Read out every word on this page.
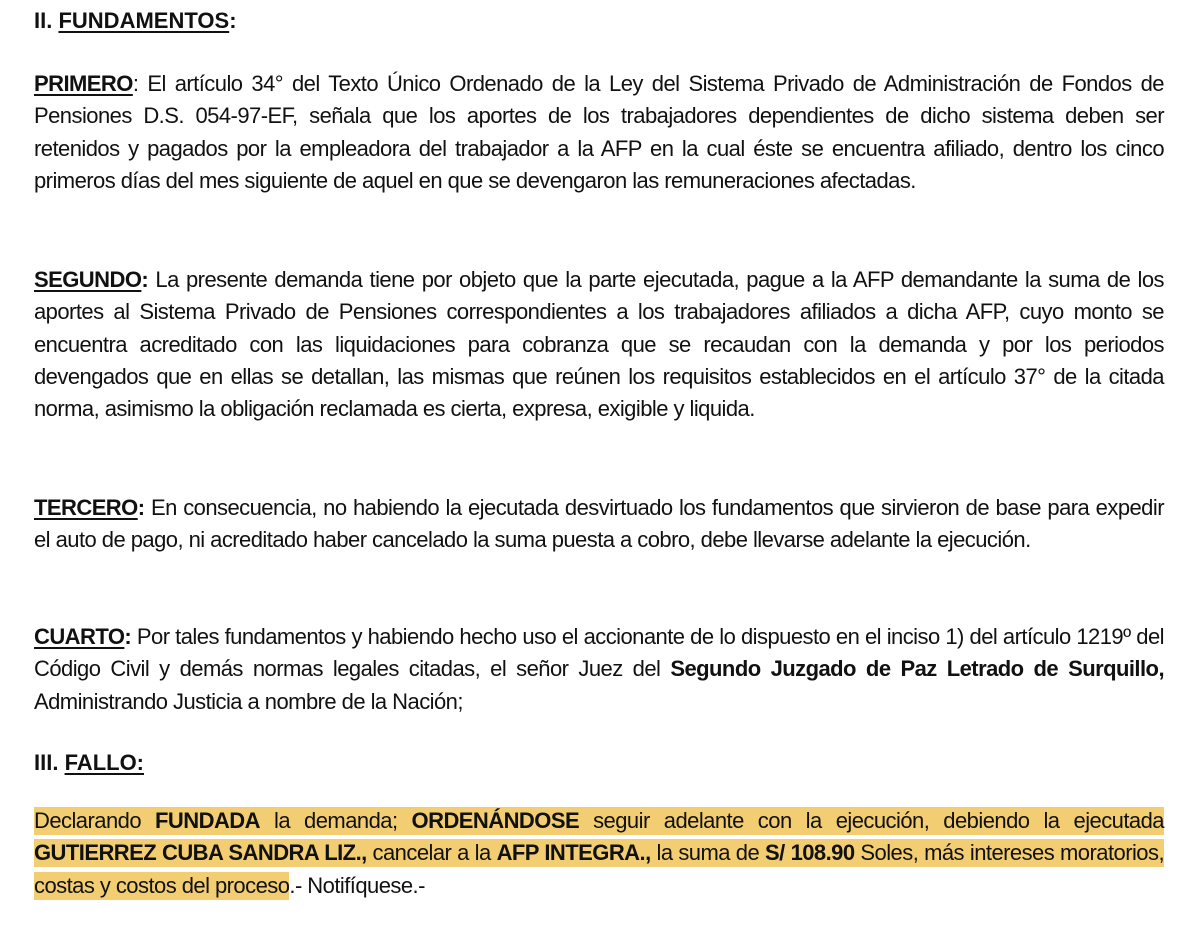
II. FUNDAMENTOS:

PRIMERO: El artículo 34° del Texto Único Ordenado de la Ley del Sistema Privado de Administración de Fondos de Pensiones D.S. 054-97-EF, señala que los aportes de los trabajadores dependientes de dicho sistema deben ser retenidos y pagados por la empleadora del trabajador a la AFP en la cual éste se encuentra afiliado, dentro los cinco primeros días del mes siguiente de aquel en que se devengaron las remuneraciones afectadas.

SEGUNDO: La presente demanda tiene por objeto que la parte ejecutada, pague a la AFP demandante la suma de los aportes al Sistema Privado de Pensiones correspondientes a los trabajadores afiliados a dicha AFP, cuyo monto se encuentra acreditado con las liquidaciones para cobranza que se recaudan con la demanda y por los periodos devengados que en ellas se detallan, las mismas que reúnen los requisitos establecidos en el artículo 37° de la citada norma, asimismo la obligación reclamada es cierta, expresa, exigible y liquida.

TERCERO: En consecuencia, no habiendo la ejecutada desvirtuado los fundamentos que sirvieron de base para expedir el auto de pago, ni acreditado haber cancelado la suma puesta a cobro, debe llevarse adelante la ejecución.

CUARTO: Por tales fundamentos y habiendo hecho uso el accionante de lo dispuesto en el inciso 1) del artículo 1219º del Código Civil y demás normas legales citadas, el señor Juez del Segundo Juzgado de Paz Letrado de Surquillo, Administrando Justicia a nombre de la Nación;

III. FALLO:

Declarando FUNDADA la demanda; ORDENÁNDOSE seguir adelante con la ejecución, debiendo la ejecutada GUTIERREZ CUBA SANDRA LIZ., cancelar a la AFP INTEGRA., la suma de S/ 108.90 Soles, más intereses moratorios, costas y costos del proceso.- Notifíquese.-
